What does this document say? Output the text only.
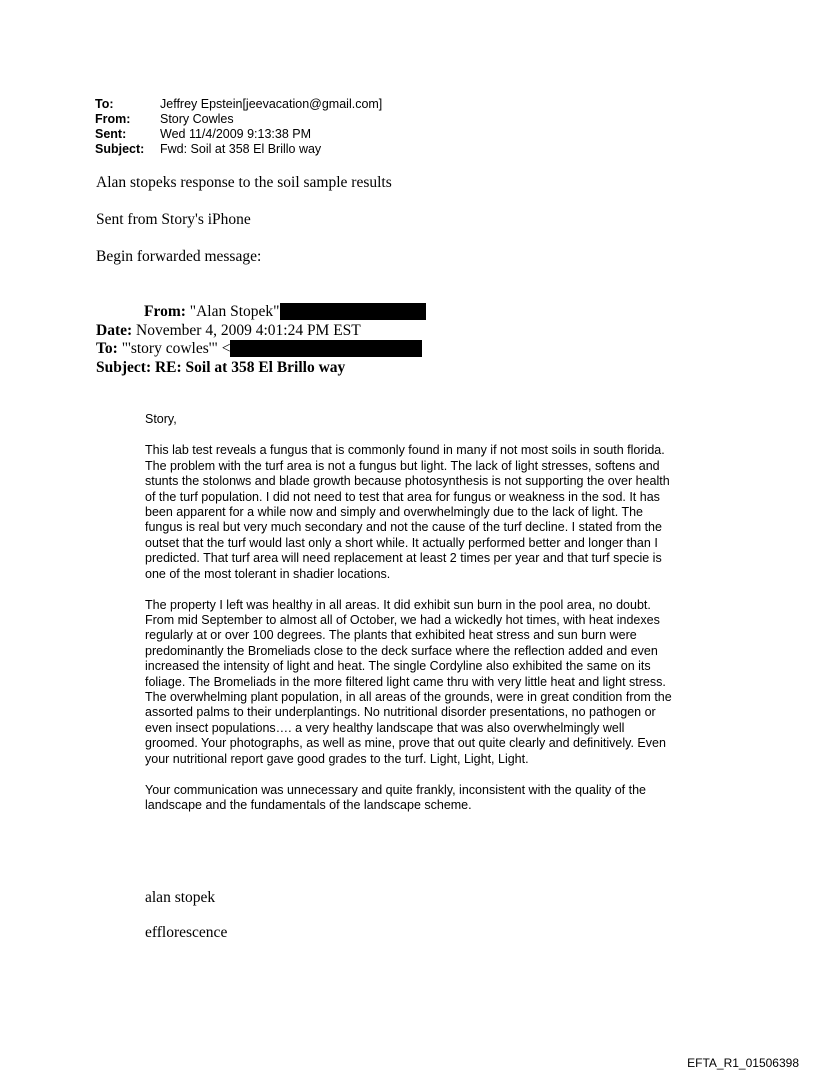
To:	Jeffrey Epstein[jeevacation@gmail.com]
From:	Story Cowles
Sent:	Wed 11/4/2009 9:13:38 PM
Subject:	Fwd: Soil at 358 El Brillo way
Alan stopeks response to the soil sample results
Sent from Story's iPhone
Begin forwarded message:
From: "Alan Stopek"
Date: November 4, 2009 4:01:24 PM EST
To: "'story cowles'" <
Subject: RE: Soil at 358 El Brillo way

Story,

This lab test reveals a fungus that is commonly found in many if not most soils in south florida. The problem with the turf area is not a fungus but light. The lack of light stresses, softens and stunts the stolonws and blade growth because photosynthesis is not supporting the over health of the turf population. I did not need to test that area for fungus or weakness in the sod. It has been apparent for a while now and simply and overwhelmingly due to the lack of light. The fungus is real but very much secondary and not the cause of the turf decline. I stated from the outset that the turf would last only a short while. It actually performed better and longer than I predicted. That turf area will need replacement at least 2 times per year and that turf specie is one of the most tolerant in shadier locations.

The property I left was healthy in all areas. It did exhibit sun burn in the pool area, no doubt. From mid September to almost all of October, we had a wickedly hot times, with heat indexes regularly at or over 100 degrees. The plants that exhibited heat stress and sun burn were predominantly the Bromeliads close to the deck surface where the reflection added and even increased the intensity of light and heat. The single Cordyline also exhibited the same on its foliage. The Bromeliads in the more filtered light came thru with very little heat and light stress. The overwhelming plant population, in all areas of the grounds, were in great condition from the assorted palms to their underplantings. No nutritional disorder presentations, no pathogen or even insect populations…. a very healthy landscape that was also overwhelmingly well groomed. Your photographs, as well as mine, prove that out quite clearly and definitively. Even your nutritional report gave good grades to the turf. Light, Light, Light.

Your communication was unnecessary and quite frankly, inconsistent with the quality of the landscape and the fundamentals of the landscape scheme.

alan stopek
efflorescence
EFTA_R1_01506398
